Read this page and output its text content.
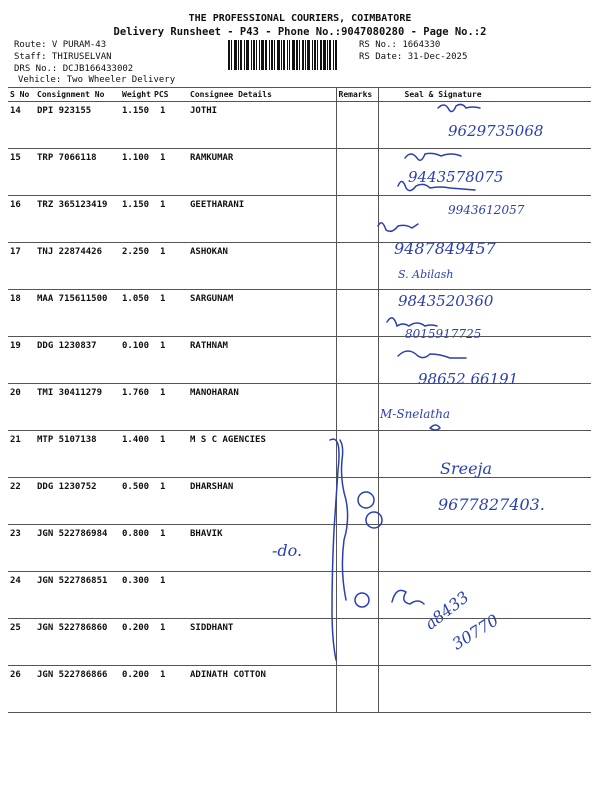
THE PROFESSIONAL COURIERS, COIMBATORE
Delivery Runsheet - P43 - Phone No.:9047080280 - Page No.:2
Route: V PURAM-43
Staff: THIRUSELVAN
DRS No.: DCJB166433002
Vehicle: Two Wheeler Delivery
RS No.: 1664330
RS Date: 31-Dec-2025
S No	Consignment No	Weight	PCS	Consignee Details	Remarks	Seal & Signature
14	DPI 923155	1.150	1	JOTHI		
15	TRP 7066118	1.100	1	RAMKUMAR		
16	TRZ 365123419	1.150	1	GEETHARANI		
17	TNJ 22874426	2.250	1	ASHOKAN		
18	MAA 715611500	1.050	1	SARGUNAM		
19	DDG 1230837	0.100	1	RATHNAM		
20	TMI 30411279	1.760	1	MANOHARAN		
21	MTP 5107138	1.400	1	M S C AGENCIES		
22	DDG 1230752	0.500	1	DHARSHAN		
23	JGN 522786984	0.800	1	BHAVIK		
24	JGN 522786851	0.300	1			
25	JGN 522786860	0.200	1	SIDDHANT		
26	JGN 522786866	0.200	1	ADINATH COTTON		
9629735068
9443578075
9943612057
9487849457
S. Abilash
9843520360
8015917725
98652 66191
M-Snelatha
Sreeja
9677827403.
-do.
a8433
30770
